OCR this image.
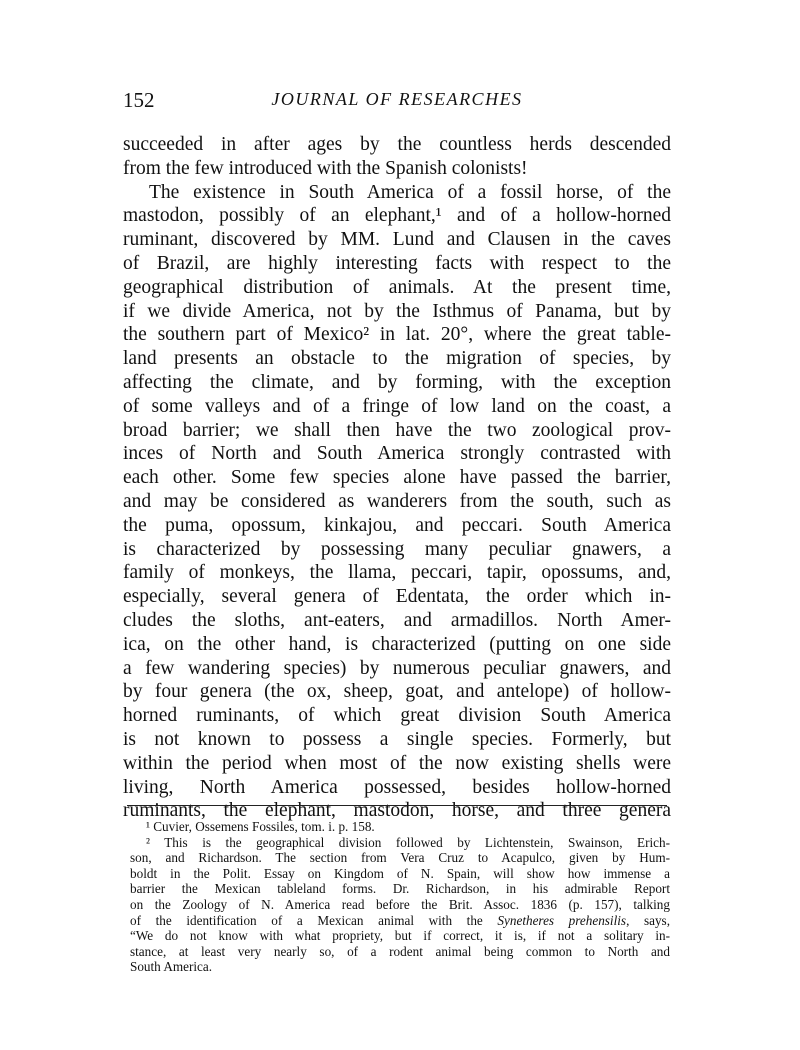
152	JOURNAL OF RESEARCHES
succeeded in after ages by the countless herds descended
from the few introduced with the Spanish colonists!
The existence in South America of a fossil horse, of the
mastodon, possibly of an elephant,¹ and of a hollow-horned
ruminant, discovered by MM. Lund and Clausen in the caves
of Brazil, are highly interesting facts with respect to the
geographical distribution of animals. At the present time,
if we divide America, not by the Isthmus of Panama, but by
the southern part of Mexico² in lat. 20°, where the great table-
land presents an obstacle to the migration of species, by
affecting the climate, and by forming, with the exception
of some valleys and of a fringe of low land on the coast, a
broad barrier; we shall then have the two zoological prov-
inces of North and South America strongly contrasted with
each other. Some few species alone have passed the barrier,
and may be considered as wanderers from the south, such as
the puma, opossum, kinkajou, and peccari. South America
is characterized by possessing many peculiar gnawers, a
family of monkeys, the llama, peccari, tapir, opossums, and,
especially, several genera of Edentata, the order which in-
cludes the sloths, ant-eaters, and armadillos. North Amer-
ica, on the other hand, is characterized (putting on one side
a few wandering species) by numerous peculiar gnawers, and
by four genera (the ox, sheep, goat, and antelope) of hollow-
horned ruminants, of which great division South America
is not known to possess a single species. Formerly, but
within the period when most of the now existing shells were
living, North America possessed, besides hollow-horned
ruminants, the elephant, mastodon, horse, and three genera
¹ Cuvier, Ossemens Fossiles, tom. i. p. 158.
² This is the geographical division followed by Lichtenstein, Swainson, Erich-
son, and Richardson. The section from Vera Cruz to Acapulco, given by Hum-
boldt in the Polit. Essay on Kingdom of N. Spain, will show how immense a
barrier the Mexican tableland forms. Dr. Richardson, in his admirable Report
on the Zoology of N. America read before the Brit. Assoc. 1836 (p. 157), talking
of the identification of a Mexican animal with the Synetheres prehensilis, says,
“We do not know with what propriety, but if correct, it is, if not a solitary in-
stance, at least very nearly so, of a rodent animal being common to North and
South America.
